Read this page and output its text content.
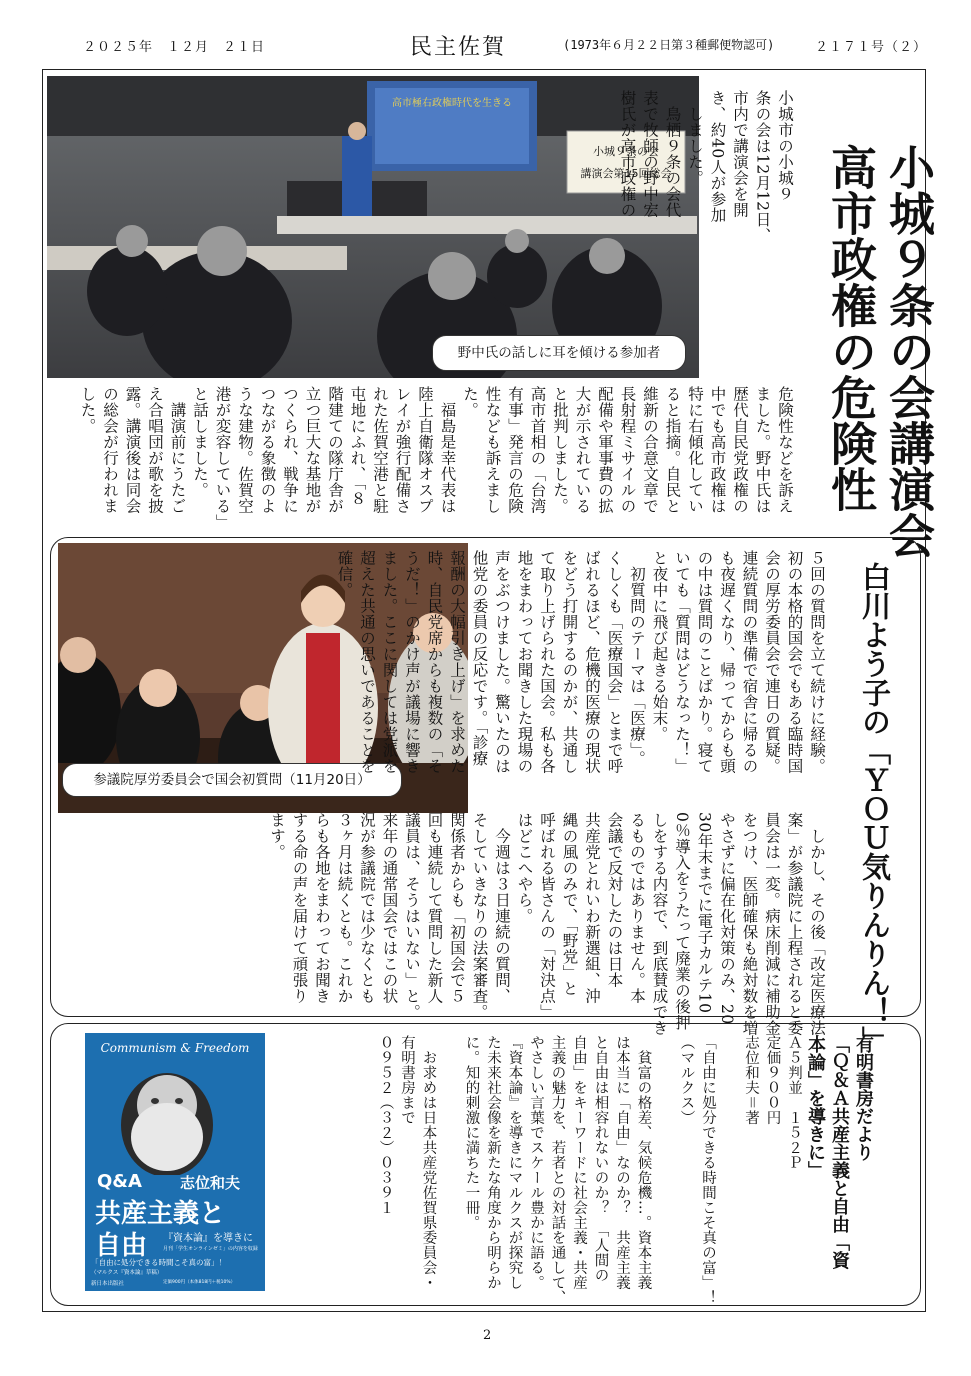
２０２５年　１２月　２１日	民主佐賀	(1973年６月２２日第３種郵便物認可)	２１７１号（２）
高市極右政権時代を生きる
小城９条の会
講演会第15回総会
野中氏の話しに耳を傾ける参加者
小城市の小城９
条の会は12月12日、
市内で講演会を開
き、約40人が参加
　しました。
　鳥栖９条の会代
表で牧師の野中宏
樹氏が高市政権の
危険性などを訴え
ました。野中氏は
歴代自民党政権の
中でも高市政権は
特に右傾化してい
ると指摘。自民と
維新の合意文章で
長射程ミサイルの
配備や軍事費の拡
大が示されている
と批判しました。
高市首相の「台湾
有事」発言の危険
性なども訴えまし
た。
　福島是幸代表は
陸上自衛隊オスプ
レイが強行配備さ
れた佐賀空港と駐
屯地にふれ、「８
階建ての隊庁舎が
立つ巨大な基地が
つくられ、戦争に
つながる象徴のよ
うな建物。佐賀空
港が変容している」
と話しました。
　講演前にうたご
え合唱団が歌を披
露。講演後は同会
の総会が行われま
した。	小城９条の会講演会
高市政権の危険性

参議院厚労委員会で国会初質問（11月20日）	白川よう子の「ＹＯＵ気りんりん！」
５回の質問を立て続けに経験。
初の本格的国会でもある臨時国
会の厚労委員会で連日の質疑。
連続質問の準備で宿舎に帰るの
も夜遅くなり、帰ってからも頭
の中は質問のことばかり。寝て
いても「質問はどうなった！」
と夜中に飛び起きる始末。
　初質問のテーマは「医療」。
くしくも「医療国会」とまで呼
ばれるほど、危機的医療の現状
をどう打開するのかが、共通し
て取り上げられた国会。私も各
地をまわってお聞きした現場の
声をぶつけました。驚いたのは
他党の委員の反応です。「診療
報酬の大幅引き上げ」を求めた
時、自民党席からも複数の「そ
うだ！」のかけ声が議場に響き
ました。ここに関しては党派を
超えた共通の思いであることを
確信。
　しかし、その後「改定医療法
案」が参議院に上程されると委
員会は一変。病床削減に補助金
をつけ、医師確保も絶対数を増
やさずに偏在化対策のみ、20
30年末までに電子カルテ10
0％導入をうたって廃業の後押
しをする内容で、到底賛成でき
るものではありません。本
会議で反対したのは日本
共産党とれいわ新選組、沖
縄の風のみで、「野党」と
呼ばれる皆さんの「対決点」
はどこへやら。
　今週は３日連続の質問、
そしていきなりの法案審査。
関係者からも「初国会で５
回も連続して質問した新人
議員は、そうはいない」と。
来年の通常国会ではこの状
況が参議院では少なくとも
３ヶ月は続くとも。これか
らも各地をまわってお聞き
する命の声を届けて頑張り
ます。
有明書房だより
「Ｑ＆Ａ共産主義と自由「資
本論」を導きに」
Ａ５判並　１５２Ｐ
定価９００円
志位和夫＝著

「自由に処分できる時間こそ真の富」！
（マルクス）

　貧富の格差、気候危機…。資本主義
は本当に「自由」なのか？　共産主義
と自由は相容れないのか？　「人間の
自由」をキーワードに社会主義・共産
主義の魅力を、若者との対話を通して、
やさしい言葉でスケール豊かに語る。
『資本論』を導きにマルクスが探究し
た未来社会像を新たな角度から明らか
に。知的刺激に満ちた一冊。

　お求めは日本共産党佐賀県委員会・
有明書房まで
０９５２（３２）０３９１
Communism & Freedom
Q&A	志位和夫
共産主義と
自由 『資本論』を導きに
月刊「学生オンラインゼミ」の内容を収録
「自由に処分できる時間こそ真の富」！
（マルクス『資本論』草稿）
新日本出版社	定価900円（本体818円＋税10%）
2
